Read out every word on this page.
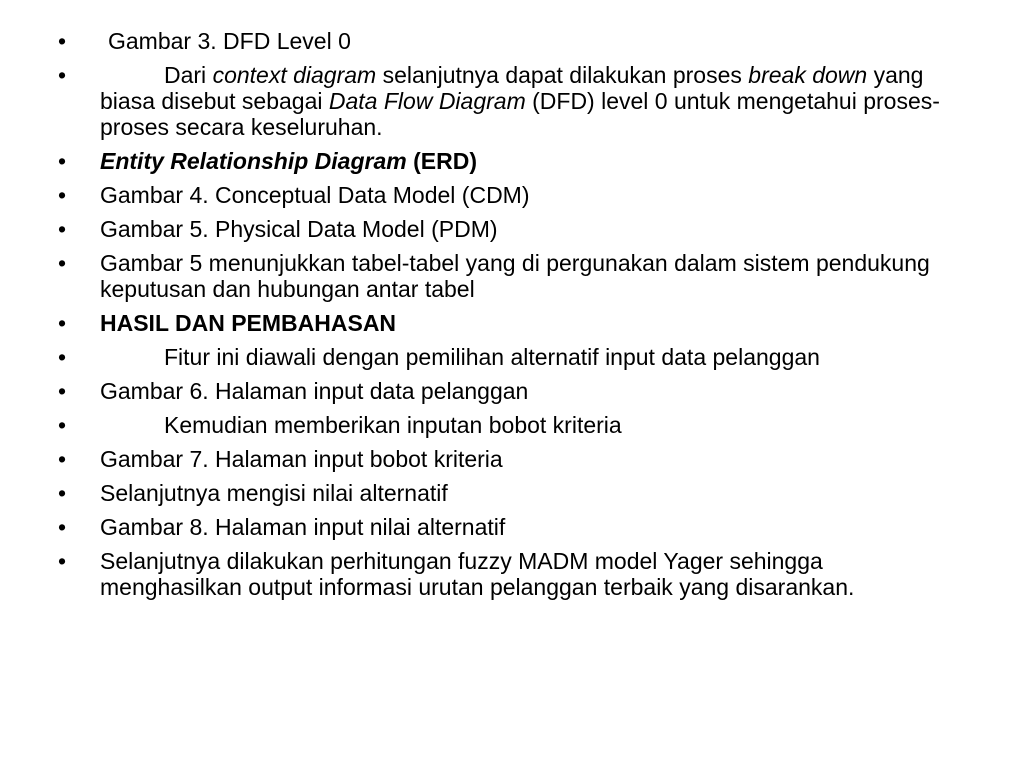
• Gambar 3. DFD Level 0
•	Dari context diagram selanjutnya dapat dilakukan proses break down yang biasa disebut sebagai Data Flow Diagram (DFD) level 0 untuk mengetahui proses-proses secara keseluruhan.
• Entity Relationship Diagram (ERD)
• Gambar 4. Conceptual Data Model (CDM)
• Gambar 5. Physical Data Model (PDM)
• Gambar 5 menunjukkan tabel-tabel yang di pergunakan dalam sistem pendukung keputusan dan hubungan antar tabel
• HASIL DAN PEMBAHASAN
•	Fitur ini diawali dengan pemilihan alternatif input data pelanggan
• Gambar 6. Halaman input data pelanggan
•	Kemudian memberikan inputan bobot kriteria
• Gambar 7. Halaman input bobot kriteria
• Selanjutnya mengisi nilai alternatif
• Gambar 8. Halaman input nilai alternatif
• Selanjutnya dilakukan perhitungan fuzzy MADM model Yager sehingga menghasilkan output informasi urutan pelanggan terbaik yang disarankan.
